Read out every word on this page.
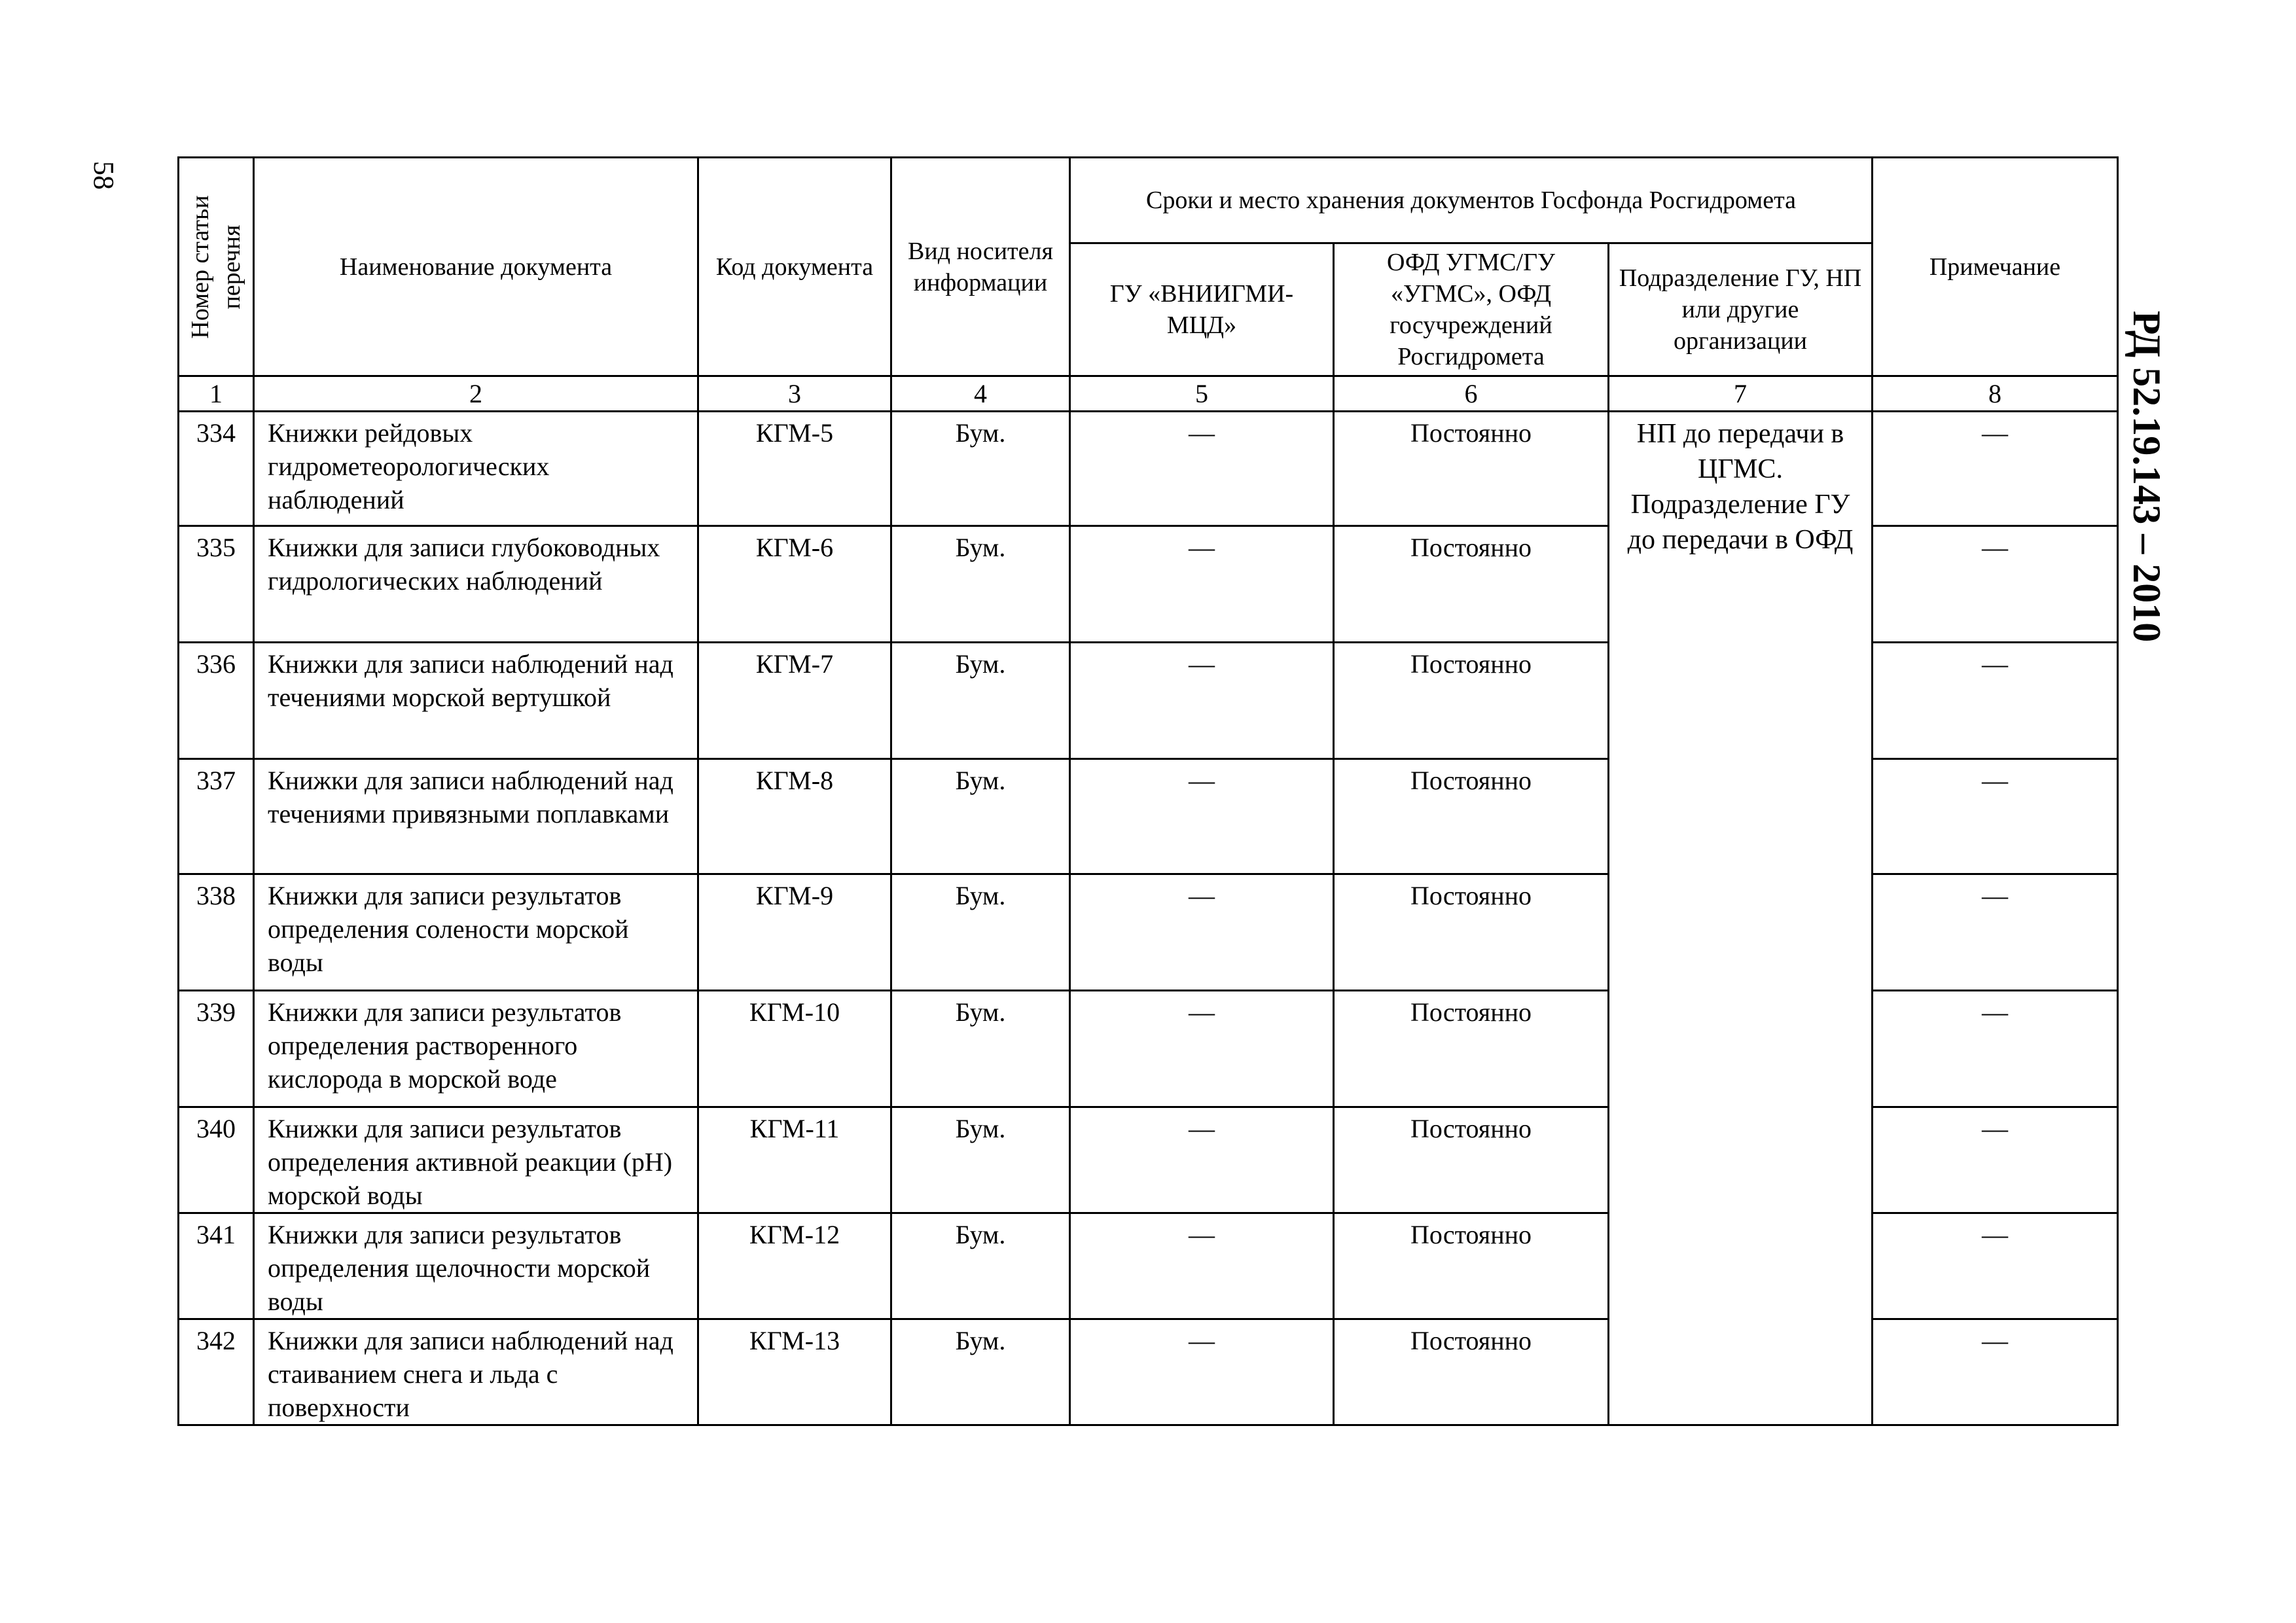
58
РД 52.19.143 – 2010
Номер статьи перечня	Наименование документа	Код документа	Вид носителя информации	Сроки и место хранения документов Госфонда Росгидромета			Примечание
				ГУ «ВНИИГМИ-МЦД»	ОФД УГМС/ГУ «УГМС», ОФД госучреждений Росгидромета	Подразделение ГУ, НП или другие организации	
1	2	3	4	5	6	7	8
334	Книжки рейдовых гидрометеорологических наблюдений	КГМ-5	Бум.	—	Постоянно	НП до передачи в ЦГМС. Подразделение ГУ до передачи в ОФД	—
335	Книжки для записи глубоководных гидрологических наблюдений	КГМ-6	Бум.	—	Постоянно		—
336	Книжки для записи наблюдений над течениями морской вертушкой	КГМ-7	Бум.	—	Постоянно		—
337	Книжки для записи наблюдений над течениями привязными поплавками	КГМ-8	Бум.	—	Постоянно		—
338	Книжки для записи результатов определения солености морской воды	КГМ-9	Бум.	—	Постоянно		—
339	Книжки для записи результатов определения растворенного кислорода в морской воде	КГМ-10	Бум.	—	Постоянно		—
340	Книжки для записи результатов определения активной реакции (pH) морской воды	КГМ-11	Бум.	—	Постоянно		—
341	Книжки для записи результатов определения щелочности морской воды	КГМ-12	Бум.	—	Постоянно		—
342	Книжки для записи наблюдений над стаиванием снега и льда с поверхности	КГМ-13	Бум.	—	Постоянно		—
